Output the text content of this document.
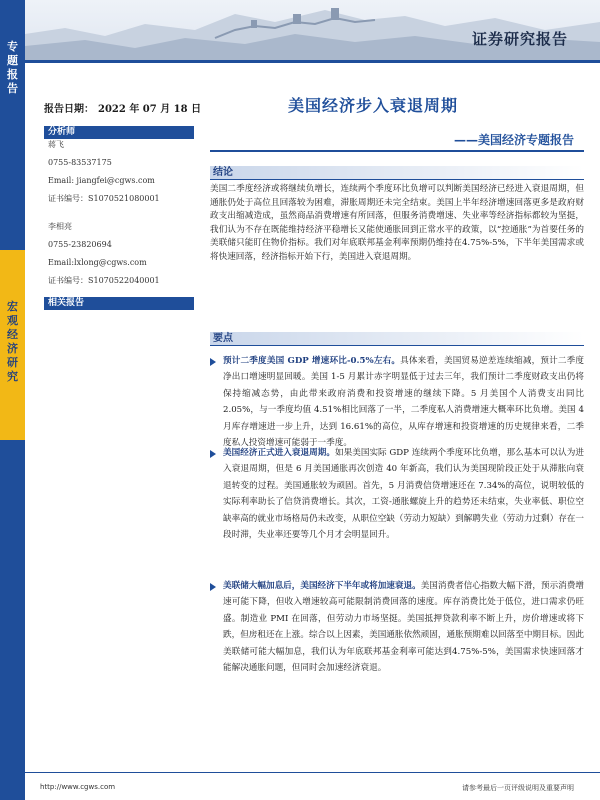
专题报告
宏观经济研究
证券研究报告
报告日期： 2022 年 07 月 18 日	美国经济步入衰退周期
——美国经济专题报告
分析师
蒋飞
0755-83537175
Email: jiangfei@cgws.com
证书编号：S1070521080001
李相亮
0755-23820694
Email:lxlong@cgws.com
证书编号：S1070522040001
相关报告
结论
美国二季度经济或将继续负增长，连续两个季度环比负增可以判断美国经济已经进入衰退周期，但通胀仍处于高位且回落较为困难，滞胀周期还未完全结束。美国上半年经济增速回落更多是政府财政支出缩减造成，虽然商品消费增速有所回落，但服务消费增速、失业率等经济指标都较为坚挺，我们认为不存在既能维持经济平稳增长又能使通胀回到正常水平的政策，以“控通胀”为首要任务的美联储只能盯住物价指标。我们对年底联邦基金利率预期仍维持在4.75%-5%，下半年美国需求或将快速回落，经济指标开始下行，美国进入衰退周期。
要点
预计二季度美国 GDP 增速环比-0.5%左右。具体来看，美国贸易逆差连续缩减，预计二季度净出口增速明显回暖。美国 1-5 月累计赤字明显低于过去三年，我们预计二季度财政支出仍将保持缩减态势，由此带来政府消费和投资增速的继续下降。5 月美国个人消费支出同比 2.05%，与一季度均值 4.51%相比回落了一半，二季度私人消费增速大概率环比负增。美国 4 月库存增速进一步上升，达到 16.61%的高位，从库存增速和投资增速的历史规律来看，二季度私人投资增速可能弱于一季度。
美国经济正式进入衰退周期。如果美国实际 GDP 连续两个季度环比负增，那么基本可以认为进入衰退周期，但是 6 月美国通胀再次创造 40 年新高，我们认为美国现阶段正处于从滞胀向衰退转变的过程。美国通胀较为顽固。首先，5 月消费信贷增速还在 7.34%的高位，说明较低的实际利率助长了信贷消费增长。其次，工资-通胀螺旋上升的趋势还未结束，失业率低、职位空缺率高的就业市场格局仍未改变，从职位空缺（劳动力短缺）到解聘失业（劳动力过剩）存在一段时滞，失业率还要等几个月才会明显回升。
美联储大幅加息后，美国经济下半年或将加速衰退。美国消费者信心指数大幅下滑，预示消费增速可能下降，但收入增速较高可能限制消费回落的速度。库存消费比处于低位，进口需求仍旺盛。制造业 PMI 在回落，但劳动力市场坚挺。美国抵押贷款利率不断上升，房价增速或将下跌，但房租还在上涨。综合以上因素，美国通胀依然顽固，通胀预期难以回落至中期目标。因此美联储可能大幅加息，我们认为年底联邦基金利率可能达到4.75%-5%，美国需求快速回落才能解决通胀问题，但同时会加速经济衰退。
http://www.cgws.com	请参考最后一页评级说明及重要声明
